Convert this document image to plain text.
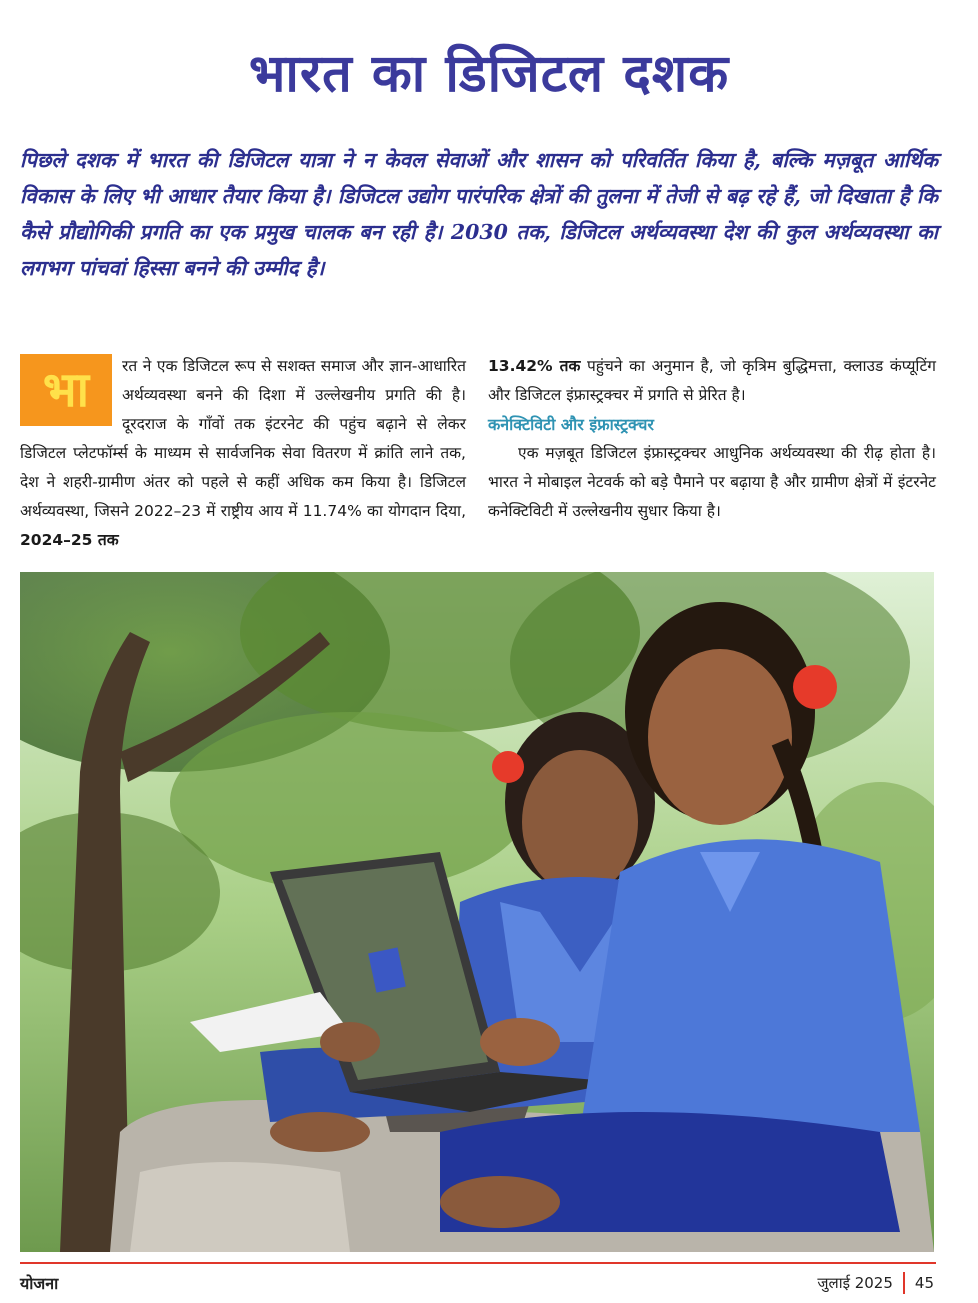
भारत का डिजिटल दशक

पिछले दशक में भारत की डिजिटल यात्रा ने न केवल सेवाओं और शासन को परिवर्तित किया है, बल्कि मज़बूत आर्थिक विकास के लिए भी आधार तैयार किया है। डिजिटल उद्योग पारंपरिक क्षेत्रों की तुलना में तेजी से बढ़ रहे हैं, जो दिखाता है कि कैसे प्रौद्योगिकी प्रगति का एक प्रमुख चालक बन रही है। 2030 तक, डिजिटल अर्थव्यवस्था देश की कुल अर्थव्यवस्था का लगभग पांचवां हिस्सा बनने की उम्मीद है।

भा	रत ने एक डिजिटल रूप से सशक्त समाज और ज्ञान-आधारित अर्थव्यवस्था बनने की दिशा में उल्लेखनीय प्रगति की है। दूरदराज के गाँवों तक इंटरनेट की पहुंच बढ़ाने से लेकर डिजिटल प्लेटफॉर्म्स के माध्यम से सार्वजनिक सेवा वितरण में क्रांति लाने तक, देश ने शहरी-ग्रामीण अंतर को पहले से कहीं अधिक कम किया है। डिजिटल अर्थव्यवस्था, जिसने 2022–23 में राष्ट्रीय आय में 11.74% का योगदान दिया, 2024–25 तक

13.42% तक पहुंचने का अनुमान है, जो कृत्रिम बुद्धिमत्ता, क्लाउड कंप्यूटिंग और डिजिटल इंफ्रास्ट्रक्चर में प्रगति से प्रेरित है।

कनेक्टिविटी और इंफ्रास्ट्रक्चर

एक मज़बूत डिजिटल इंफ्रास्ट्रक्चर आधुनिक अर्थव्यवस्था की रीढ़ होता है। भारत ने मोबाइल नेटवर्क को बड़े पैमाने पर बढ़ाया है और ग्रामीण क्षेत्रों में इंटरनेट कनेक्टिविटी में उल्लेखनीय सुधार किया है।

योजना	जुलाई 2025 45
